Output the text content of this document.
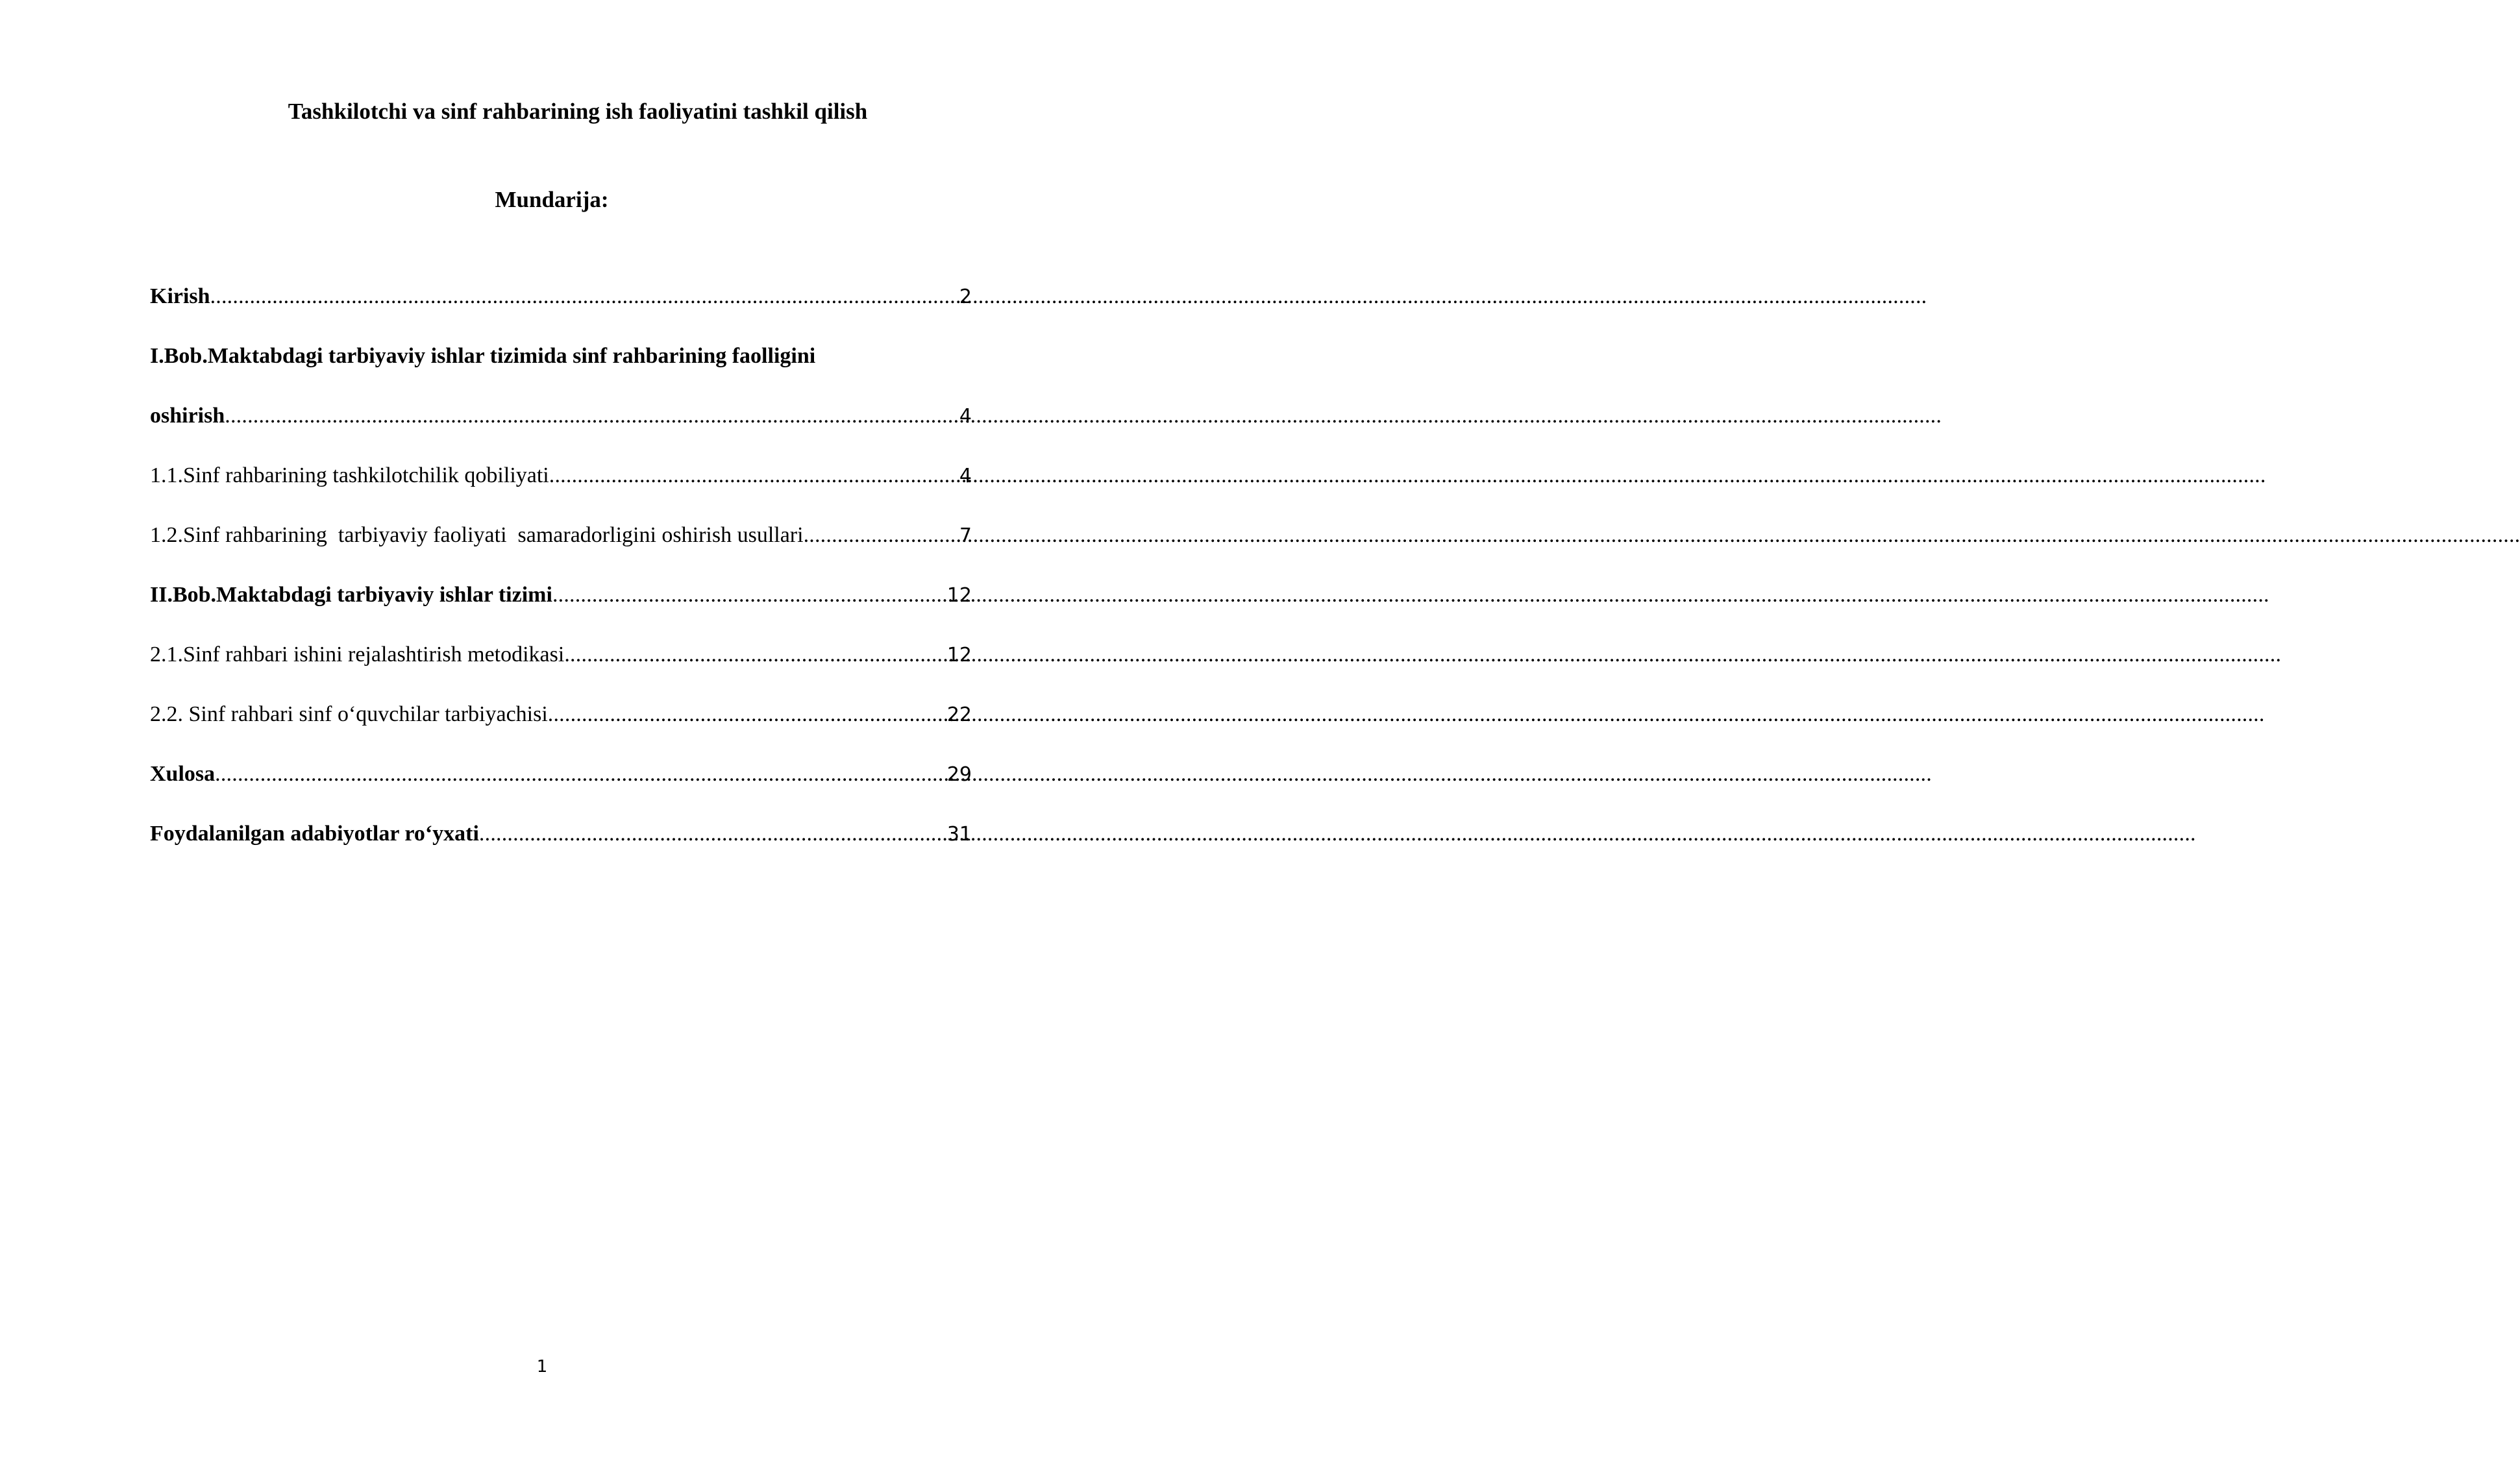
Tashkilotchi va sinf rahbarining ish faoliyatini tashkil qilish
Mundarija:
Kirish .....	2
I.Bob.Maktabdagi tarbiyaviy ishlar tizimida sinf rahbarining faolligini
oshirish .....	4
1.1.Sinf rahbarining tashkilotchilik qobiliyati .....	4
1.2.Sinf rahbarining  tarbiyaviy faoliyati  samaradorligini oshirish usullari .....	7
II.Bob.Maktabdagi tarbiyaviy ishlar tizimi .....	12
2.1.Sinf rahbari ishini rejalashtirish metodikasi .....	12
2.2. Sinf rahbari sinf o‘quvchilar tarbiyachisi .....	22
Xulosa .....	29
Foydalanilgan adabiyotlar ro‘yxati .....	31
1
